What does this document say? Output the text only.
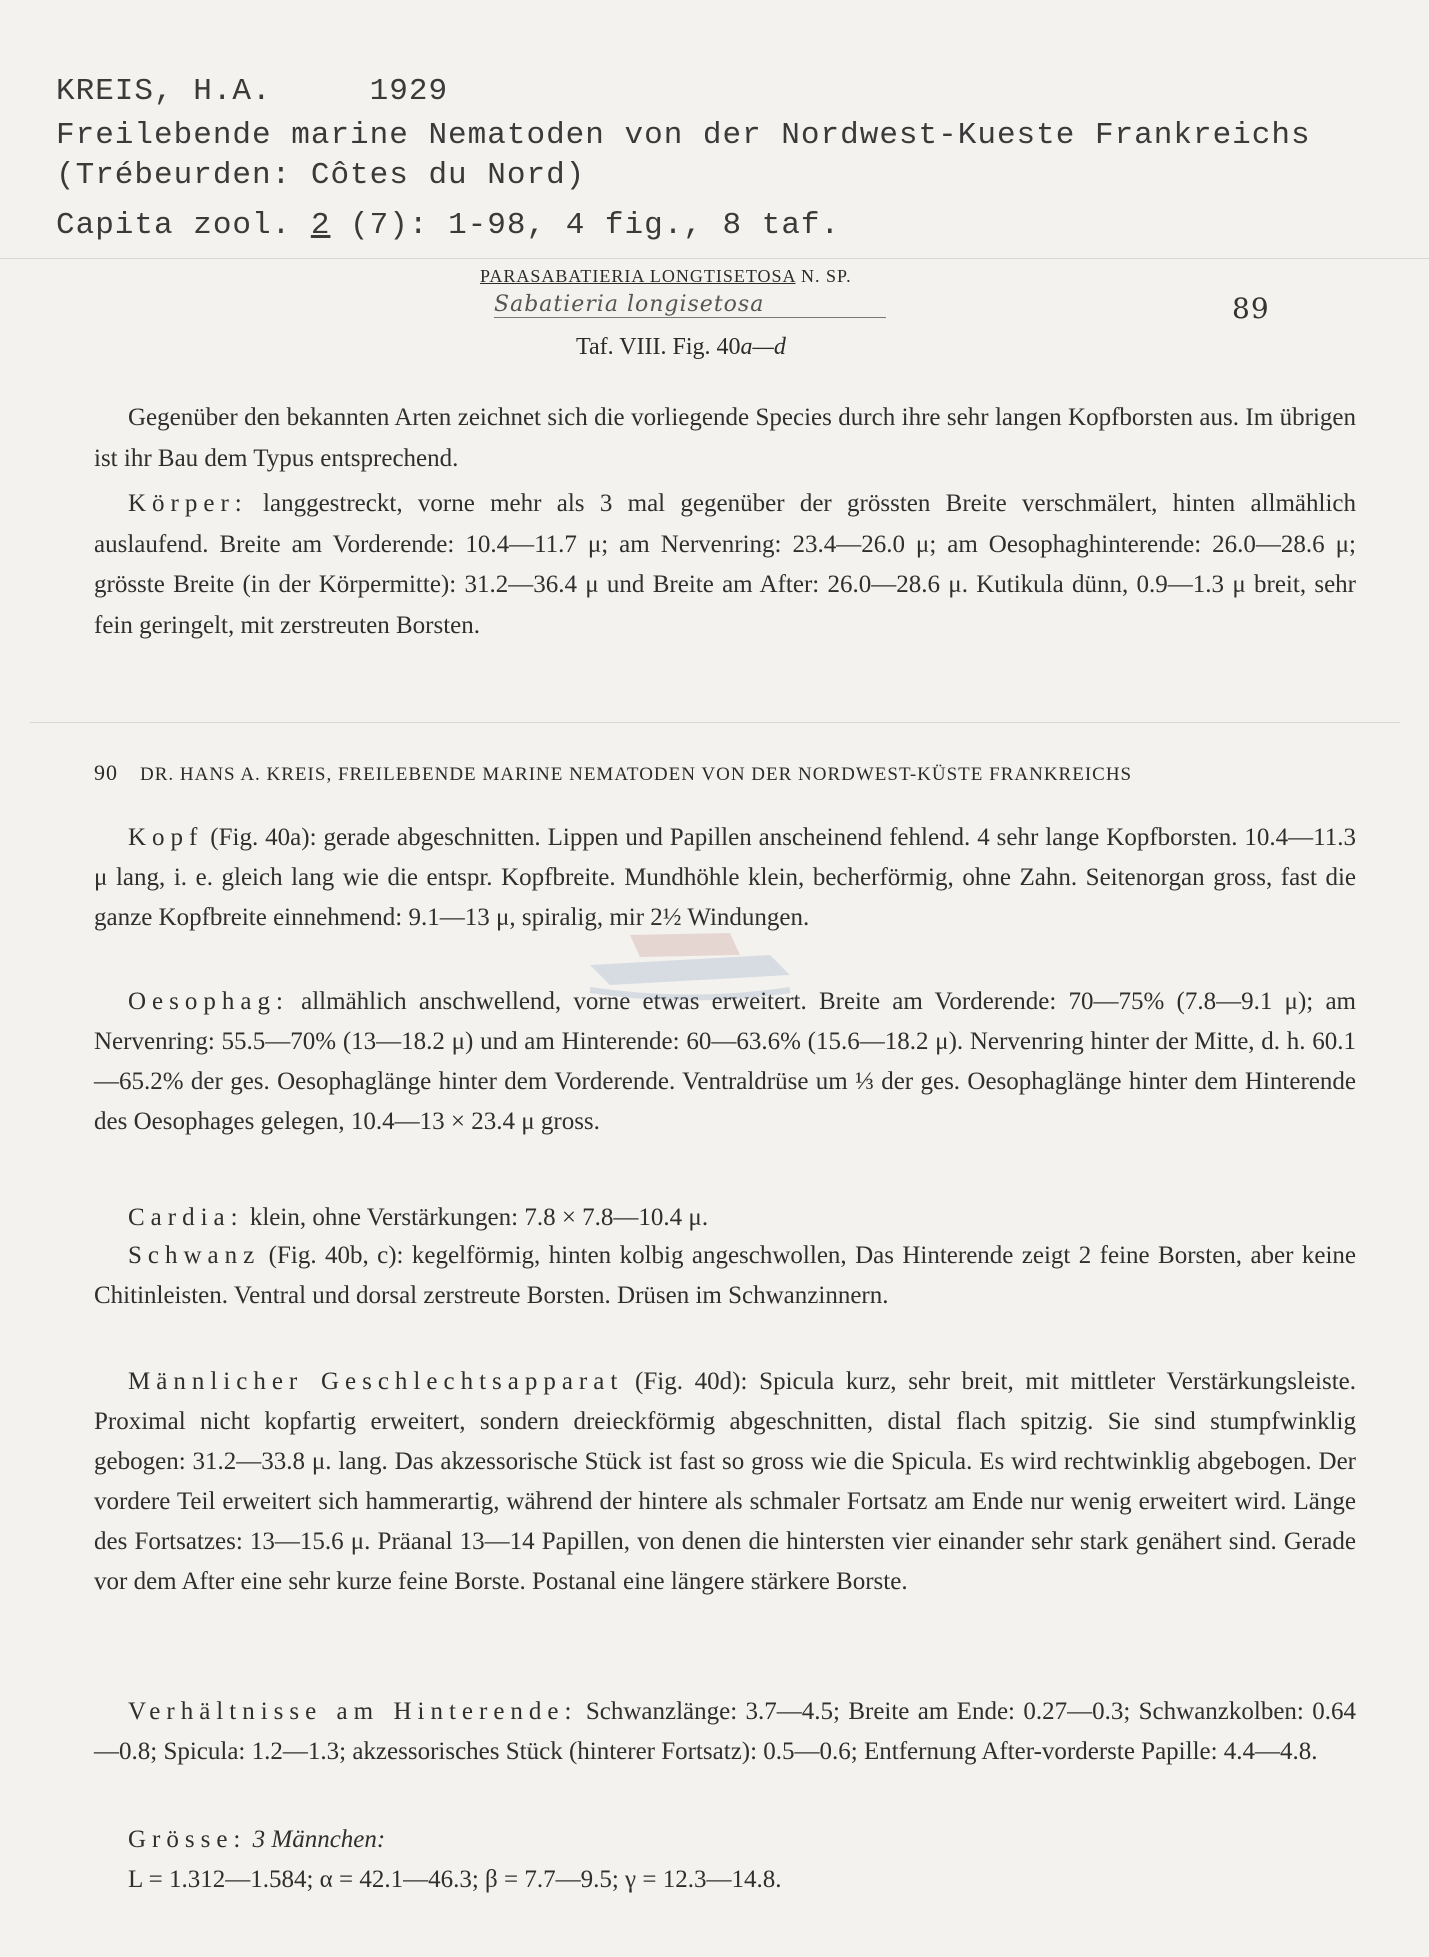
KREIS, H.A.     1929
Freilebende marine Nematoden von der Nordwest-Kueste Frankreichs
(Trébeurden: Côtes du Nord)
Capita zool. 2 (7): 1-98, 4 fig., 8 taf.
PARASABATIERIA LONGTISETOSA N. SP.
Sabatieria longisetosa	89
Taf. VIII. Fig. 40a—d

Gegenüber den bekannten Arten zeichnet sich die vorliegende Species durch ihre sehr langen Kopfborsten aus. Im übrigen ist ihr Bau dem Typus entsprechend.

Körper: langgestreckt, vorne mehr als 3 mal gegenüber der grössten Breite verschmälert, hinten allmählich auslaufend. Breite am Vorderende: 10.4—11.7 μ; am Nervenring: 23.4—26.0 μ; am Oesophaghinterende: 26.0—28.6 μ; grösste Breite (in der Körpermitte): 31.2—36.4 μ und Breite am After: 26.0—28.6 μ. Kutikula dünn, 0.9—1.3 μ breit, sehr fein geringelt, mit zerstreuten Borsten.

90 DR. HANS A. KREIS, FREILEBENDE MARINE NEMATODEN VON DER NORDWEST-KÜSTE FRANKREICHS

Kopf (Fig. 40a): gerade abgeschnitten. Lippen und Papillen anscheinend fehlend. 4 sehr lange Kopfborsten. 10.4—11.3 μ lang, i. e. gleich lang wie die entspr. Kopfbreite. Mundhöhle klein, becherförmig, ohne Zahn. Seitenorgan gross, fast die ganze Kopfbreite einnehmend: 9.1—13 μ, spiralig, mir 2½ Windungen.

Oesophag: allmählich anschwellend, vorne etwas erweitert. Breite am Vorderende: 70—75% (7.8—9.1 μ); am Nervenring: 55.5—70% (13—18.2 μ) und am Hinterende: 60—63.6% (15.6—18.2 μ). Nervenring hinter der Mitte, d. h. 60.1—65.2% der ges. Oesophaglänge hinter dem Vorderende. Ventraldrüse um ⅓ der ges. Oesophaglänge hinter dem Hinterende des Oesophages gelegen, 10.4—13 × 23.4 μ gross.

Cardia: klein, ohne Verstärkungen: 7.8 × 7.8—10.4 μ.

Schwanz (Fig. 40b, c): kegelförmig, hinten kolbig angeschwollen, Das Hinterende zeigt 2 feine Borsten, aber keine Chitinleisten. Ventral und dorsal zerstreute Borsten. Drüsen im Schwanzinnern.

Männlicher Geschlechtsapparat (Fig. 40d): Spicula kurz, sehr breit, mit mittleter Verstärkungsleiste. Proximal nicht kopfartig erweitert, sondern dreieckförmig abgeschnitten, distal flach spitzig. Sie sind stumpfwinklig gebogen: 31.2—33.8 μ. lang. Das akzessorische Stück ist fast so gross wie die Spicula. Es wird rechtwinklig abgebogen. Der vordere Teil erweitert sich hammerartig, während der hintere als schmaler Fortsatz am Ende nur wenig erweitert wird. Länge des Fortsatzes: 13—15.6 μ. Präanal 13—14 Papillen, von denen die hintersten vier einander sehr stark genähert sind. Gerade vor dem After eine sehr kurze feine Borste. Postanal eine längere stärkere Borste.

Verhältnisse am Hinterende: Schwanzlänge: 3.7—4.5; Breite am Ende: 0.27—0.3; Schwanzkolben: 0.64—0.8; Spicula: 1.2—1.3; akzessorisches Stück (hinterer Fortsatz): 0.5—0.6; Entfernung After-vorderste Papille: 4.4—4.8.

Grösse: 3 Männchen:
L = 1.312—1.584; α = 42.1—46.3; β = 7.7—9.5; γ = 12.3—14.8.
